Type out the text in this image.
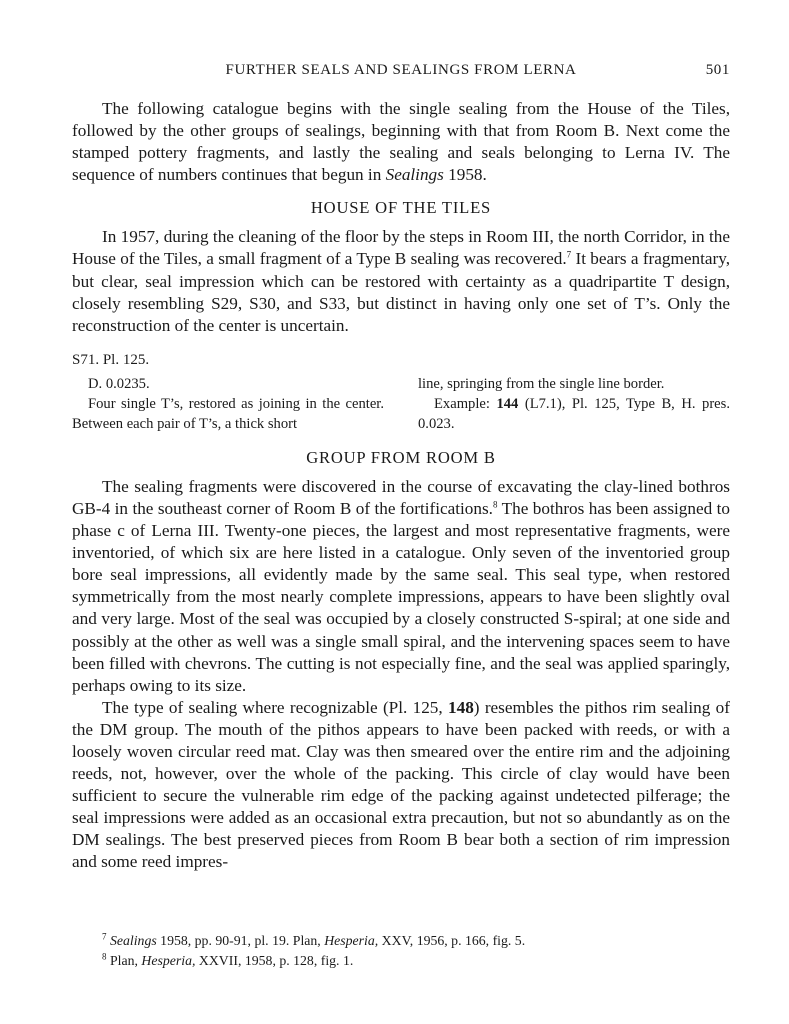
FURTHER SEALS AND SEALINGS FROM LERNA	501

The following catalogue begins with the single sealing from the House of the Tiles, followed by the other groups of sealings, beginning with that from Room B. Next come the stamped pottery fragments, and lastly the sealing and seals belonging to Lerna IV. The sequence of numbers continues that begun in Sealings 1958.

HOUSE OF THE TILES

In 1957, during the cleaning of the floor by the steps in Room III, the north Corridor, in the House of the Tiles, a small fragment of a Type B sealing was recovered.$^7$ It bears a fragmentary, but clear, seal impression which can be restored with certainty as a quadripartite T design, closely resembling S29, S30, and S33, but distinct in having only one set of T’s. Only the reconstruction of the center is uncertain.

S71. Pl. 125.

D. 0.0235.

Four single T’s, restored as joining in the center. Between each pair of T’s, a thick short

line, springing from the single line border.

Example: 144 (L7.1), Pl. 125, Type B, H. pres. 0.023.

GROUP FROM ROOM B

The sealing fragments were discovered in the course of excavating the clay-lined bothros GB-4 in the southeast corner of Room B of the fortifications.$^8$ The bothros has been assigned to phase c of Lerna III. Twenty-one pieces, the largest and most representative fragments, were inventoried, of which six are here listed in a catalogue. Only seven of the inventoried group bore seal impressions, all evidently made by the same seal. This seal type, when restored symmetrically from the most nearly complete impressions, appears to have been slightly oval and very large. Most of the seal was occupied by a closely constructed S-spiral; at one side and possibly at the other as well was a single small spiral, and the intervening spaces seem to have been filled with chevrons. The cutting is not especially fine, and the seal was applied sparingly, perhaps owing to its size.

The type of sealing where recognizable (Pl. 125, 148) resembles the pithos rim sealing of the DM group. The mouth of the pithos appears to have been packed with reeds, or with a loosely woven circular reed mat. Clay was then smeared over the entire rim and the adjoining reeds, not, however, over the whole of the packing. This circle of clay would have been sufficient to secure the vulnerable rim edge of the packing against undetected pilferage; the seal impressions were added as an occasional extra precaution, but not so abundantly as on the DM sealings. The best preserved pieces from Room B bear both a section of rim impression and some reed impres-

$^7$ Sealings 1958, pp. 90-91, pl. 19. Plan, Hesperia, XXV, 1956, p. 166, fig. 5.

$^8$ Plan, Hesperia, XXVII, 1958, p. 128, fig. 1.
